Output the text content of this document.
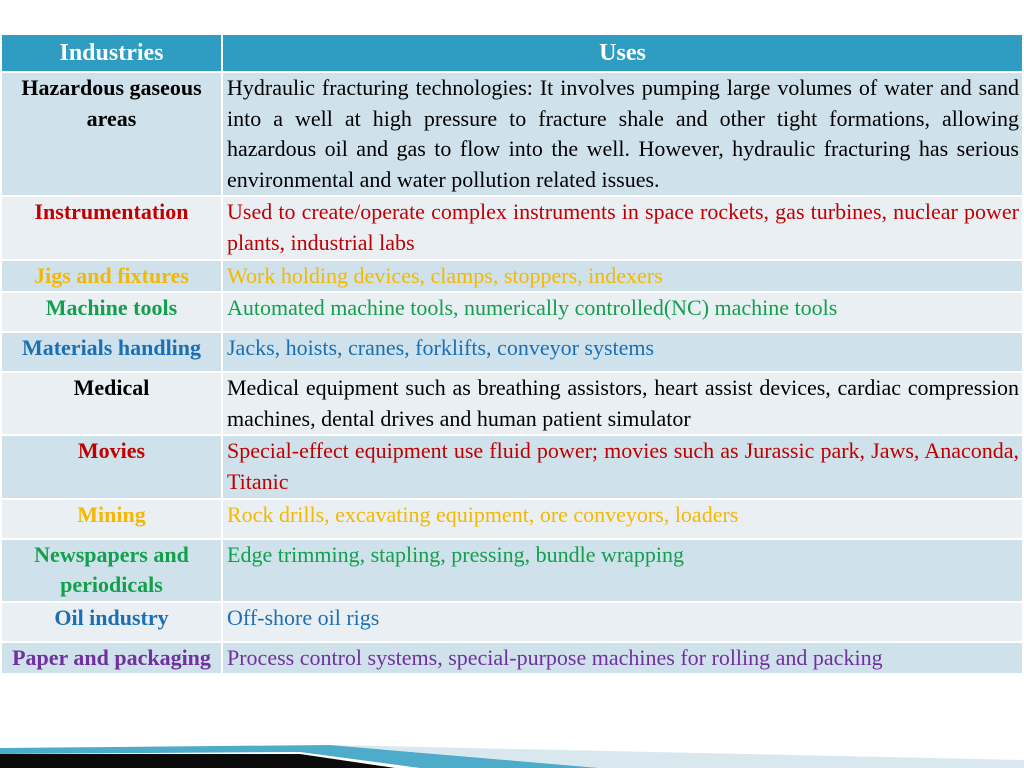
Industries	Uses
Hazardous gaseous areas	Hydraulic fracturing technologies: It involves pumping large volumes of water and sand into a well at high pressure to fracture shale and other tight formations, allowing hazardous oil and gas to flow into the well. However, hydraulic fracturing has serious environmental and water pollution related issues.
Instrumentation	Used to create/operate complex instruments in space rockets, gas turbines, nuclear power plants, industrial labs
Jigs and fixtures	Work holding devices, clamps, stoppers, indexers
Machine tools	Automated machine tools, numerically controlled(NC) machine tools
Materials handling	Jacks, hoists, cranes, forklifts, conveyor systems
Medical	Medical equipment such as breathing assistors, heart assist devices, cardiac compression machines, dental drives and human patient simulator
Movies	Special-effect equipment use fluid power; movies such as Jurassic park, Jaws, Anaconda, Titanic
Mining	Rock drills, excavating equipment, ore conveyors, loaders
Newspapers and periodicals	Edge trimming, stapling, pressing, bundle wrapping
Oil industry	Off-shore oil rigs
Paper and packaging	Process control systems, special-purpose machines for rolling and packing
